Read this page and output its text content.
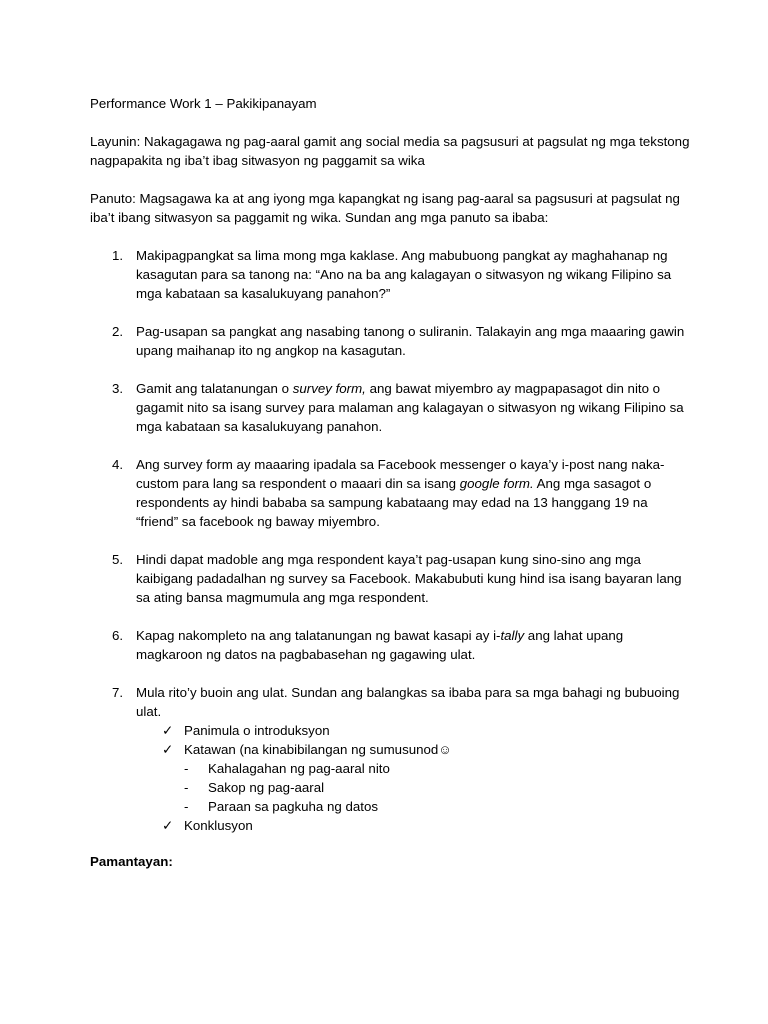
Performance Work 1 – Pakikipanayam
Layunin: Nakagagawa ng pag-aaral gamit ang social media sa pagsusuri at pagsulat ng mga tekstong nagpapakita ng iba’t ibag sitwasyon ng paggamit sa wika
Panuto: Magsagawa ka at ang iyong mga kapangkat ng isang pag-aaral sa pagsusuri at pagsulat ng iba’t ibang sitwasyon sa paggamit ng wika. Sundan ang mga panuto sa ibaba:
1. Makipagpangkat sa lima mong mga kaklase. Ang mabubuong pangkat ay maghahanap ng kasagutan para sa tanong na: “Ano na ba ang kalagayan o sitwasyon ng wikang Filipino sa mga kabataan sa kasalukuyang panahon?”
2. Pag-usapan sa pangkat ang nasabing tanong o suliranin. Talakayin ang mga maaaring gawin upang maihanap ito ng angkop na kasagutan.
3. Gamit ang talatanungan o survey form, ang bawat miyembro ay magpapasagot din nito o gagamit nito sa isang survey para malaman ang kalagayan o sitwasyon ng wikang Filipino sa mga kabataan sa kasalukuyang panahon.
4. Ang survey form ay maaaring ipadala sa Facebook messenger o kaya’y i-post nang naka-custom para lang sa respondent o maaari din sa isang google form. Ang mga sasagot o respondents ay hindi bababa sa sampung kabataang may edad na 13 hanggang 19 na “friend” sa facebook ng baway miyembro.
5. Hindi dapat madoble ang mga respondent kaya’t pag-usapan kung sino-sino ang mga kaibigang padadalhan ng survey sa Facebook. Makabubuti kung hind isa isang bayaran lang sa ating bansa magmumula ang mga respondent.
6. Kapag nakompleto na ang talatanungan ng bawat kasapi ay i-tally ang lahat upang magkaroon ng datos na pagbabasehan ng gagawing ulat.
7. Mula rito’y buoin ang ulat. Sundan ang balangkas sa ibaba para sa mga bahagi ng bubuoing ulat.
✓ Panimula o introduksyon
✓ Katawan (na kinabibilangan ng sumusunod☺
- Kahalagahan ng pag-aaral nito
- Sakop ng pag-aaral
- Paraan sa pagkuha ng datos
✓ Konklusyon
Pamantayan:
